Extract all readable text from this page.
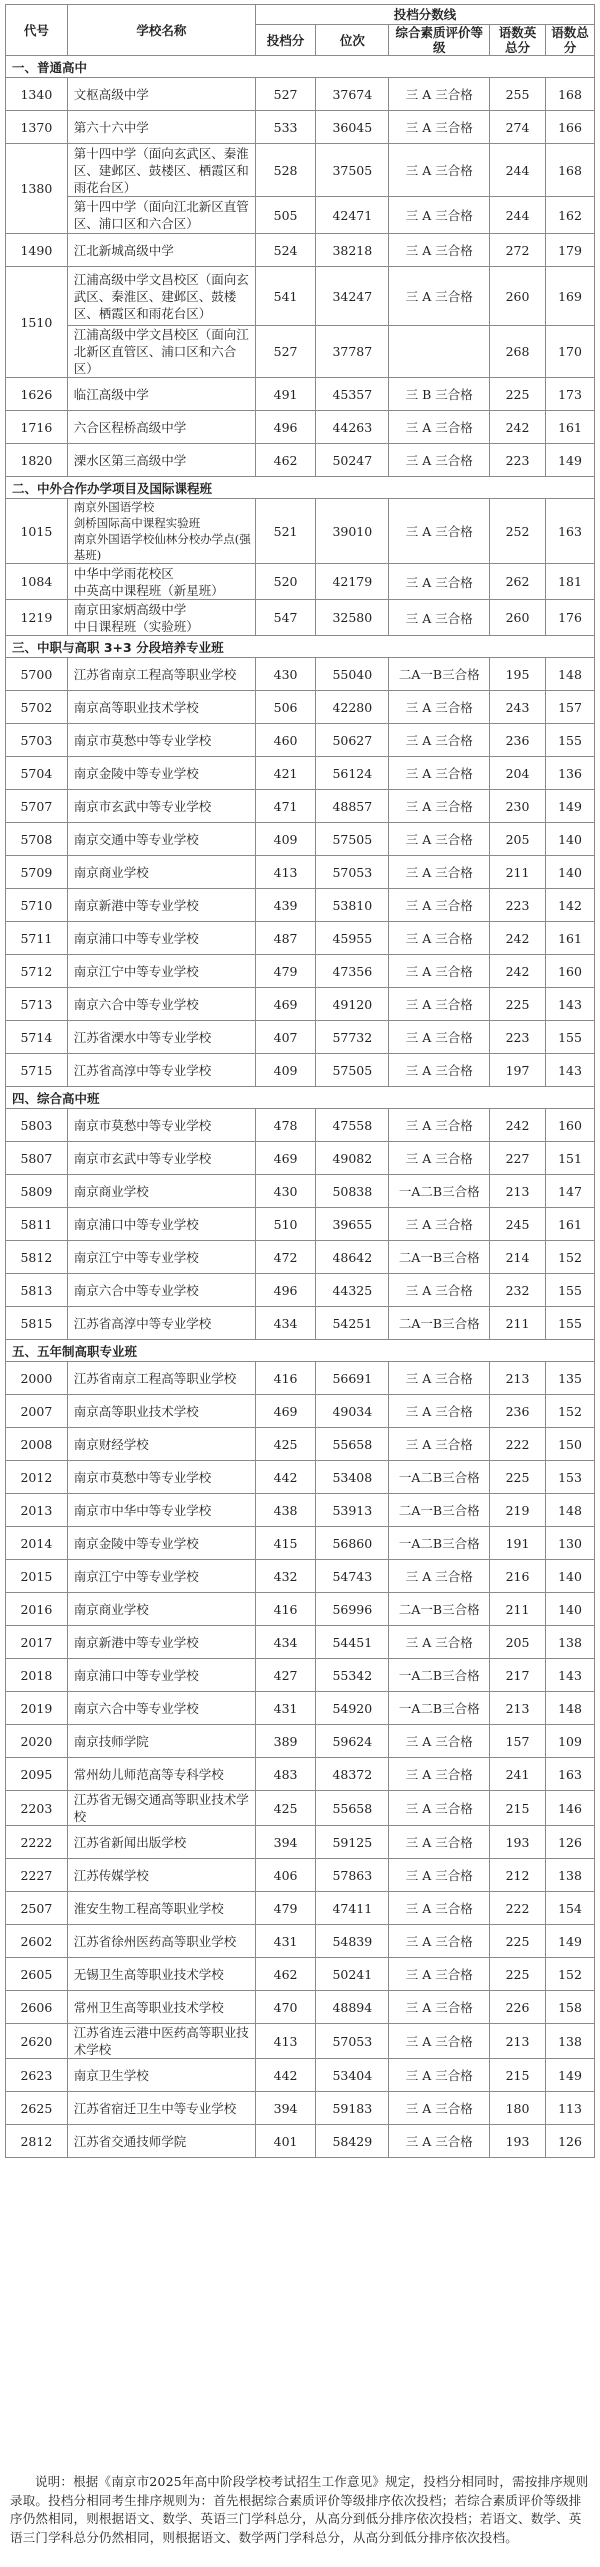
代号	学校名称	投档分数线				
		投档分	位次	综合素质评价等级	语数英总分	语数总分
一、普通高中						
1340	文枢高级中学	527	37674	三 A 三合格	255	168
1370	第六十六中学	533	36045	三 A 三合格	274	166
1380	第十四中学（面向玄武区、秦淮区、建邺区、鼓楼区、栖霞区和雨花台区）	528	37505	三 A 三合格	244	168
	第十四中学（面向江北新区直管区、浦口区和六合区）	505	42471	三 A 三合格	244	162
1490	江北新城高级中学	524	38218	三 A 三合格	272	179
1510	江浦高级中学文昌校区（面向玄武区、秦淮区、建邺区、鼓楼区、栖霞区和雨花台区）	541	34247	三 A 三合格	260	169
	江浦高级中学文昌校区（面向江北新区直管区、浦口区和六合区）	527	37787		268	170
1626	临江高级中学	491	45357	三 B 三合格	225	173
1716	六合区程桥高级中学	496	44263	三 A 三合格	242	161
1820	溧水区第三高级中学	462	50247	三 A 三合格	223	149
二、中外合作办学项目及国际课程班						
1015	南京外国语学校
剑桥国际高中课程实验班
南京外国语学校仙林分校办学点(强基班)	521	39010	三 A 三合格	252	163
1084	中华中学雨花校区
中英高中课程班（新星班）	520	42179	三 A 三合格	262	181
1219	南京田家炳高级中学
中日课程班（实验班）	547	32580	三 A 三合格	260	176
三、中职与高职 3+3 分段培养专业班						
5700	江苏省南京工程高等职业学校	430	55040	二A一B三合格	195	148
5702	南京高等职业技术学校	506	42280	三 A 三合格	243	157
5703	南京市莫愁中等专业学校	460	50627	三 A 三合格	236	155
5704	南京金陵中等专业学校	421	56124	三 A 三合格	204	136
5707	南京市玄武中等专业学校	471	48857	三 A 三合格	230	149
5708	南京交通中等专业学校	409	57505	三 A 三合格	205	140
5709	南京商业学校	413	57053	三 A 三合格	211	140
5710	南京新港中等专业学校	439	53810	三 A 三合格	223	142
5711	南京浦口中等专业学校	487	45955	三 A 三合格	242	161
5712	南京江宁中等专业学校	479	47356	三 A 三合格	242	160
5713	南京六合中等专业学校	469	49120	三 A 三合格	225	143
5714	江苏省溧水中等专业学校	407	57732	三 A 三合格	223	155
5715	江苏省高淳中等专业学校	409	57505	三 A 三合格	197	143
四、综合高中班						
5803	南京市莫愁中等专业学校	478	47558	三 A 三合格	242	160
5807	南京市玄武中等专业学校	469	49082	三 A 三合格	227	151
5809	南京商业学校	430	50838	一A二B三合格	213	147
5811	南京浦口中等专业学校	510	39655	三 A 三合格	245	161
5812	南京江宁中等专业学校	472	48642	二A一B三合格	214	152
5813	南京六合中等专业学校	496	44325	三 A 三合格	232	155
5815	江苏省高淳中等专业学校	434	54251	二A一B三合格	211	155
五、五年制高职专业班						
2000	江苏省南京工程高等职业学校	416	56691	三 A 三合格	213	135
2007	南京高等职业技术学校	469	49034	三 A 三合格	236	152
2008	南京财经学校	425	55658	三 A 三合格	222	150
2012	南京市莫愁中等专业学校	442	53408	一A二B三合格	225	153
2013	南京市中华中等专业学校	438	53913	二A一B三合格	219	148
2014	南京金陵中等专业学校	415	56860	一A二B三合格	191	130
2015	南京江宁中等专业学校	432	54743	三 A 三合格	216	140
2016	南京商业学校	416	56996	二A一B三合格	211	140
2017	南京新港中等专业学校	434	54451	三 A 三合格	205	138
2018	南京浦口中等专业学校	427	55342	一A二B三合格	217	143
2019	南京六合中等专业学校	431	54920	一A二B三合格	213	148
2020	南京技师学院	389	59624	三 A 三合格	157	109
2095	常州幼儿师范高等专科学校	483	48372	三 A 三合格	241	163
2203	江苏省无锡交通高等职业技术学校	425	55658	三 A 三合格	215	146
2222	江苏省新闻出版学校	394	59125	三 A 三合格	193	126
2227	江苏传媒学校	406	57863	三 A 三合格	212	138
2507	淮安生物工程高等职业学校	479	47411	三 A 三合格	222	154
2602	江苏省徐州医药高等职业学校	431	54839	三 A 三合格	225	149
2605	无锡卫生高等职业技术学校	462	50241	三 A 三合格	225	152
2606	常州卫生高等职业技术学校	470	48894	三 A 三合格	226	158
2620	江苏省连云港中医药高等职业技术学校	413	57053	三 A 三合格	213	138
2623	南京卫生学校	442	53404	三 A 三合格	215	149
2625	江苏省宿迁卫生中等专业学校	394	59183	三 A 三合格	180	113
2812	江苏省交通技师学院	401	58429	三 A 三合格	193	126

说明：根据《南京市2025年高中阶段学校考试招生工作意见》规定，投档分相同时，需按排序规则录取。投档分相同考生排序规则为：首先根据综合素质评价等级排序依次投档；若综合素质评价等级排序仍然相同，则根据语文、数学、英语三门学科总分，从高分到低分排序依次投档；若语文、数学、英语三门学科总分仍然相同，则根据语文、数学两门学科总分，从高分到低分排序依次投档。
